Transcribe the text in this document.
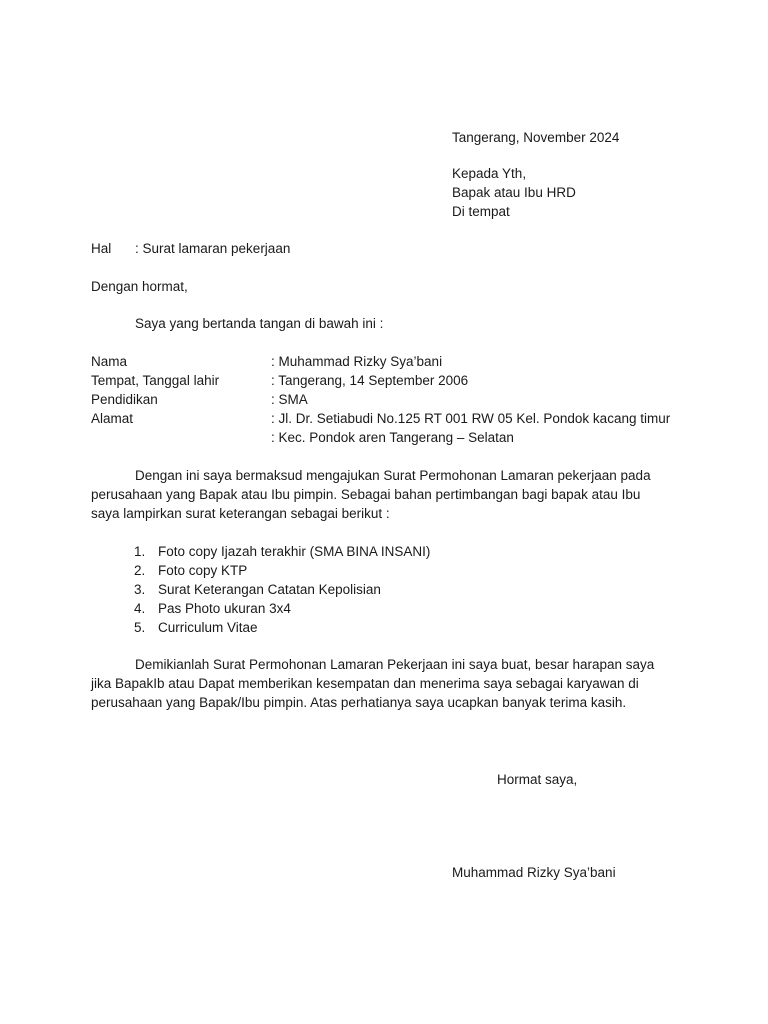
Tangerang, November 2024
Kepada Yth,
Bapak atau Ibu HRD
Di tempat
Hal : Surat lamaran pekerjaan
Dengan hormat,
Saya yang bertanda tangan di bawah ini :
Nama	: Muhammad Rizky Sya’bani
Tempat, Tanggal lahir	: Tangerang, 14 September 2006
Pendidikan	: SMA
Alamat	: Jl. Dr. Setiabudi No.125 RT 001 RW 05 Kel. Pondok kacang timur
: Kec. Pondok aren Tangerang – Selatan
Dengan ini saya bermaksud mengajukan Surat Permohonan Lamaran pekerjaan pada
perusahaan yang Bapak atau Ibu pimpin. Sebagai bahan pertimbangan bagi bapak atau Ibu
saya lampirkan surat keterangan sebagai berikut :
1. Foto copy Ijazah terakhir (SMA BINA INSANI)
2. Foto copy KTP
3. Surat Keterangan Catatan Kepolisian
4. Pas Photo ukuran 3x4
5. Curriculum Vitae
Demikianlah Surat Permohonan Lamaran Pekerjaan ini saya buat, besar harapan saya
jika BapakIb atau Dapat memberikan kesempatan dan menerima saya sebagai karyawan di
perusahaan yang Bapak/Ibu pimpin. Atas perhatianya saya ucapkan banyak terima kasih.
Hormat saya,
Muhammad Rizky Sya’bani
